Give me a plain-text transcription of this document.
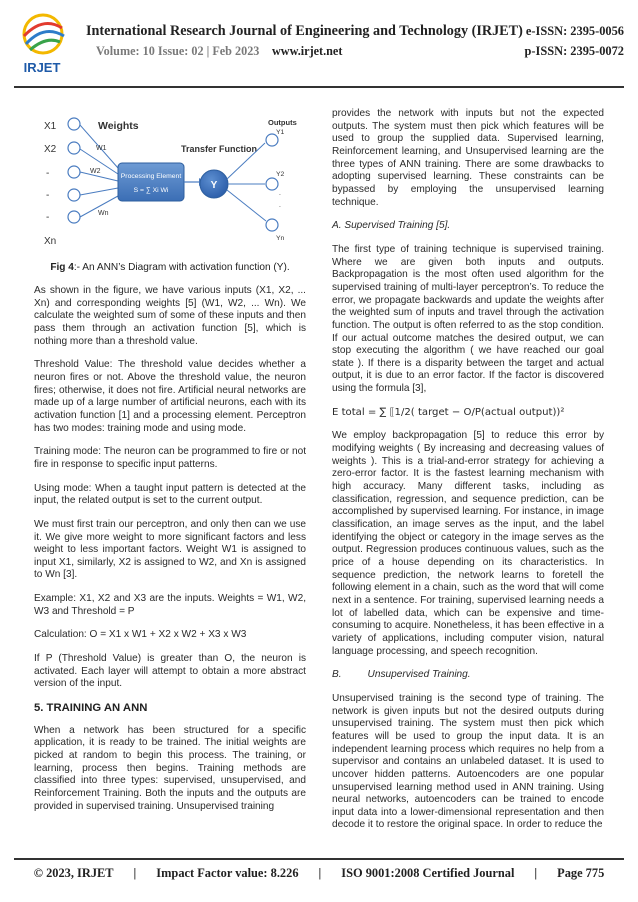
IRJET
International Research Journal of Engineering and Technology (IRJET) e-ISSN: 2395-0056
Volume: 10 Issue: 02 | Feb 2023 www.irjet.net	p-ISSN: 2395-0072
X1
X2
-
-
-
Xn
Weights
Transfer Function
Outputs
W1
W2
Wn
Processing Element
S = ∑ Xi Wi	Y
Y1
Y2
.
.
Yn
Fig 4:- An ANN’s Diagram with activation function (Y).

As shown in the figure, we have various inputs (X1, X2, ... Xn) and corresponding weights [5] (W1, W2, ... Wn). We calculate the weighted sum of some of these inputs and then pass them through an activation function [5], which is nothing more than a threshold value.

Threshold Value: The threshold value decides whether a neuron fires or not. Above the threshold value, the neuron fires; otherwise, it does not fire. Artificial neural networks are made up of a large number of artificial neurons, each with its activation function [1] and a processing element. Perceptron has two modes: training mode and using mode.

Training mode: The neuron can be programmed to fire or not fire in response to specific input patterns.

Using mode: When a taught input pattern is detected at the input, the related output is set to the current output.

We must first train our perceptron, and only then can we use it. We give more weight to more significant factors and less weight to less important factors. Weight W1 is assigned to input X1, similarly, X2 is assigned to W2, and Xn is assigned to Wn [3].

Example: X1, X2 and X3 are the inputs. Weights = W1, W2, W3 and Threshold = P

Calculation: O = X1 x W1 + X2 x W2 + X3 x W3

If P (Threshold Value) is greater than O, the neuron is activated. Each layer will attempt to obtain a more abstract version of the input.

5. TRAINING AN ANN

When a network has been structured for a specific application, it is ready to be trained. The initial weights are picked at random to begin this process. The training, or learning, process then begins. Training methods are classified into three types: supervised, unsupervised, and Reinforcement Training. Both the inputs and the outputs are provided in supervised training. Unsupervised training

provides the network with inputs but not the expected outputs. The system must then pick which features will be used to group the supplied data. Supervised learning, Reinforcement learning, and Unsupervised learning are the three types of ANN training. There are some drawbacks to adopting supervised learning. These constraints can be bypassed by employing the unsupervised learning technique.

A. Supervised Training [5].

The first type of training technique is supervised training. Where we are given both inputs and outputs. Backpropagation is the most often used algorithm for the supervised training of multi-layer perceptron’s. To reduce the error, we propagate backwards and update the weights after the weighted sum of inputs and travel through the activation function. The output is often referred to as the stop condition. If our actual outcome matches the desired output, we can stop executing the algorithm ( we have reached our goal state ). If there is a disparity between the target and actual output, it is due to an error factor. If the factor is discovered using the formula [3],

E total = ∑ ⟦1/2( target − O/P(actual output))²

We employ backpropagation [5] to reduce this error by modifying weights ( By increasing and decreasing values of weights ). This is a trial-and-error strategy for achieving a zero-error factor. It is the fastest learning mechanism with high accuracy. Many different tasks, including as classification, regression, and sequence prediction, can be accomplished by supervised learning. For instance, in image classification, an image serves as the input, and the label identifying the object or category in the image serves as the output. Regression produces continuous values, such as the price of a house depending on its characteristics. In sequence prediction, the network learns to foretell the following element in a chain, such as the word that will come next in a sentence. For training, supervised learning needs a lot of labelled data, which can be expensive and time-consuming to acquire. Nonetheless, it has been effective in a variety of applications, including computer vision, natural language processing, and speech recognition.

B.	Unsupervised Training.

Unsupervised training is the second type of training. The network is given inputs but not the desired outputs during unsupervised training. The system must then pick which features will be used to group the input data. It is an independent learning process which requires no help from a supervisor and contains an unlabeled dataset. It is used to uncover hidden patterns. Autoencoders are one popular unsupervised learning method used in ANN training. Using neural networks, autoencoders can be trained to encode input data into a lower-dimensional representation and then decode it to restore the original space. In order to reduce the

© 2023, IRJET | Impact Factor value: 8.226 | ISO 9001:2008 Certified Journal | Page 775
